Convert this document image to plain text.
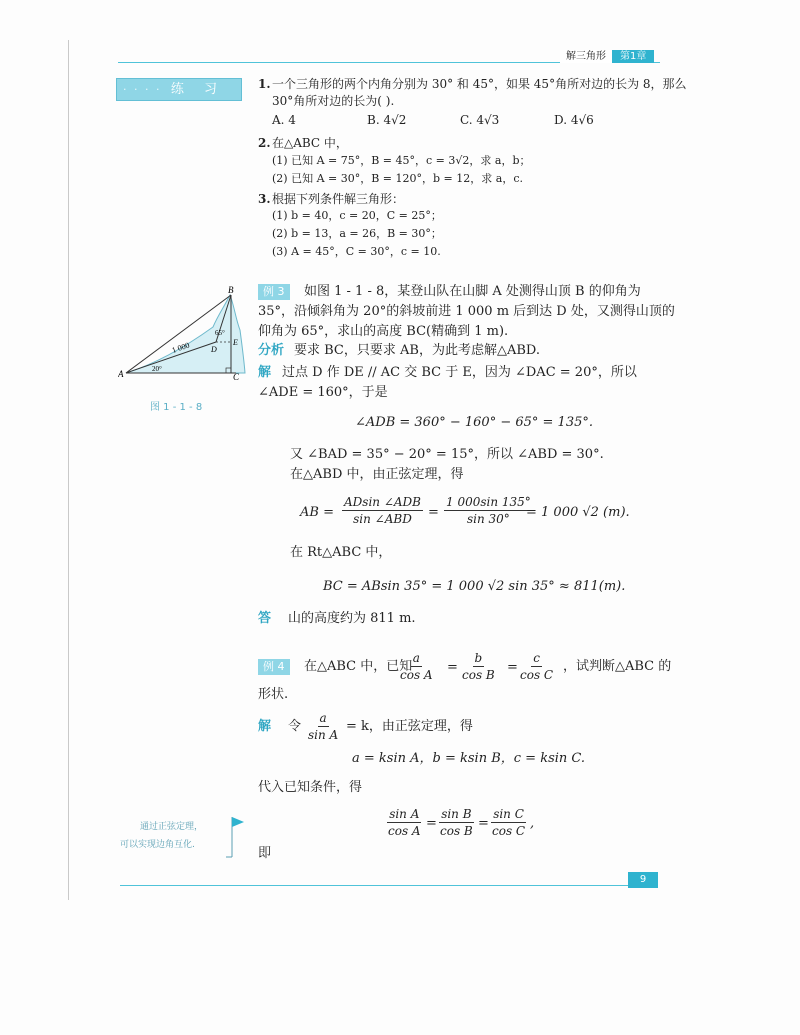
解三角形	第1章
· · · · 练 习	1. 一个三角形的两个内角分别为 30° 和 45°，如果 45°角所对边的长为 8，那么
30°角所对边的长为( ).
A. 4	B. 4√2	C. 4√3	D. 4√6
2. 在△ABC 中，
(1) 已知 A = 75°，B = 45°，c = 3√2，求 a，b；
(2) 已知 A = 30°，B = 120°，b = 12，求 a，c.
3. 根据下列条件解三角形：
(1) b = 40，c = 20，C = 25°；
(2) b = 13，a = 26，B = 30°；
(3) A = 45°，C = 30°，c = 10.
A
B
C
D
E
1 000
20°
65°
图 1 - 1 - 8
例 3	如图 1 - 1 - 8，某登山队在山脚 A 处测得山顶 B 的仰角为
35°，沿倾斜角为 20°的斜坡前进 1 000 m 后到达 D 处，又测得山顶的
仰角为 65°，求山的高度 BC(精确到 1 m).
分析 要求 BC，只要求 AB，为此考虑解△ABD.
解 过点 D 作 DE // AC 交 BC 于 E，因为 ∠DAC = 20°，所以
∠ADE = 160°，于是
∠ADB = 360° − 160° − 65° = 135°.
又 ∠BAD = 35° − 20° = 15°，所以 ∠ABD = 30°.
在△ABD 中，由正弦定理，得
AB =
ADsin ∠ADB
sin ∠ABD = $\frac{1 000\sin 135^\circ}{\sin 30^\circ}$
= 1 000 √2 (m).
在 Rt△ABC 中，
BC = ABsin 35° = 1 000 √2 sin 35° ≈ 811(m).
答 山的高度约为 811 m.
例 4	在△ABC 中，已知
$\frac{a}{\text{cos A}} = \frac{b}{\text{cos B}} = \frac{c}{\text{cos C}}$ ，试判断△ABC 的
形状.
解 令 $\frac{a}{\text{sin A}} = k$，由正弦定理，得
a = ksin A，b = ksin B，c = ksin C.
代入已知条件，得
$\frac{\text{sin A}}{\text{cos A}} = \frac{\text{sin B}}{\text{cos B}} = \frac{\text{sin C}}{\text{cos C}}$ ,
即
通过正弦定理，
可以实现边角互化.
9
